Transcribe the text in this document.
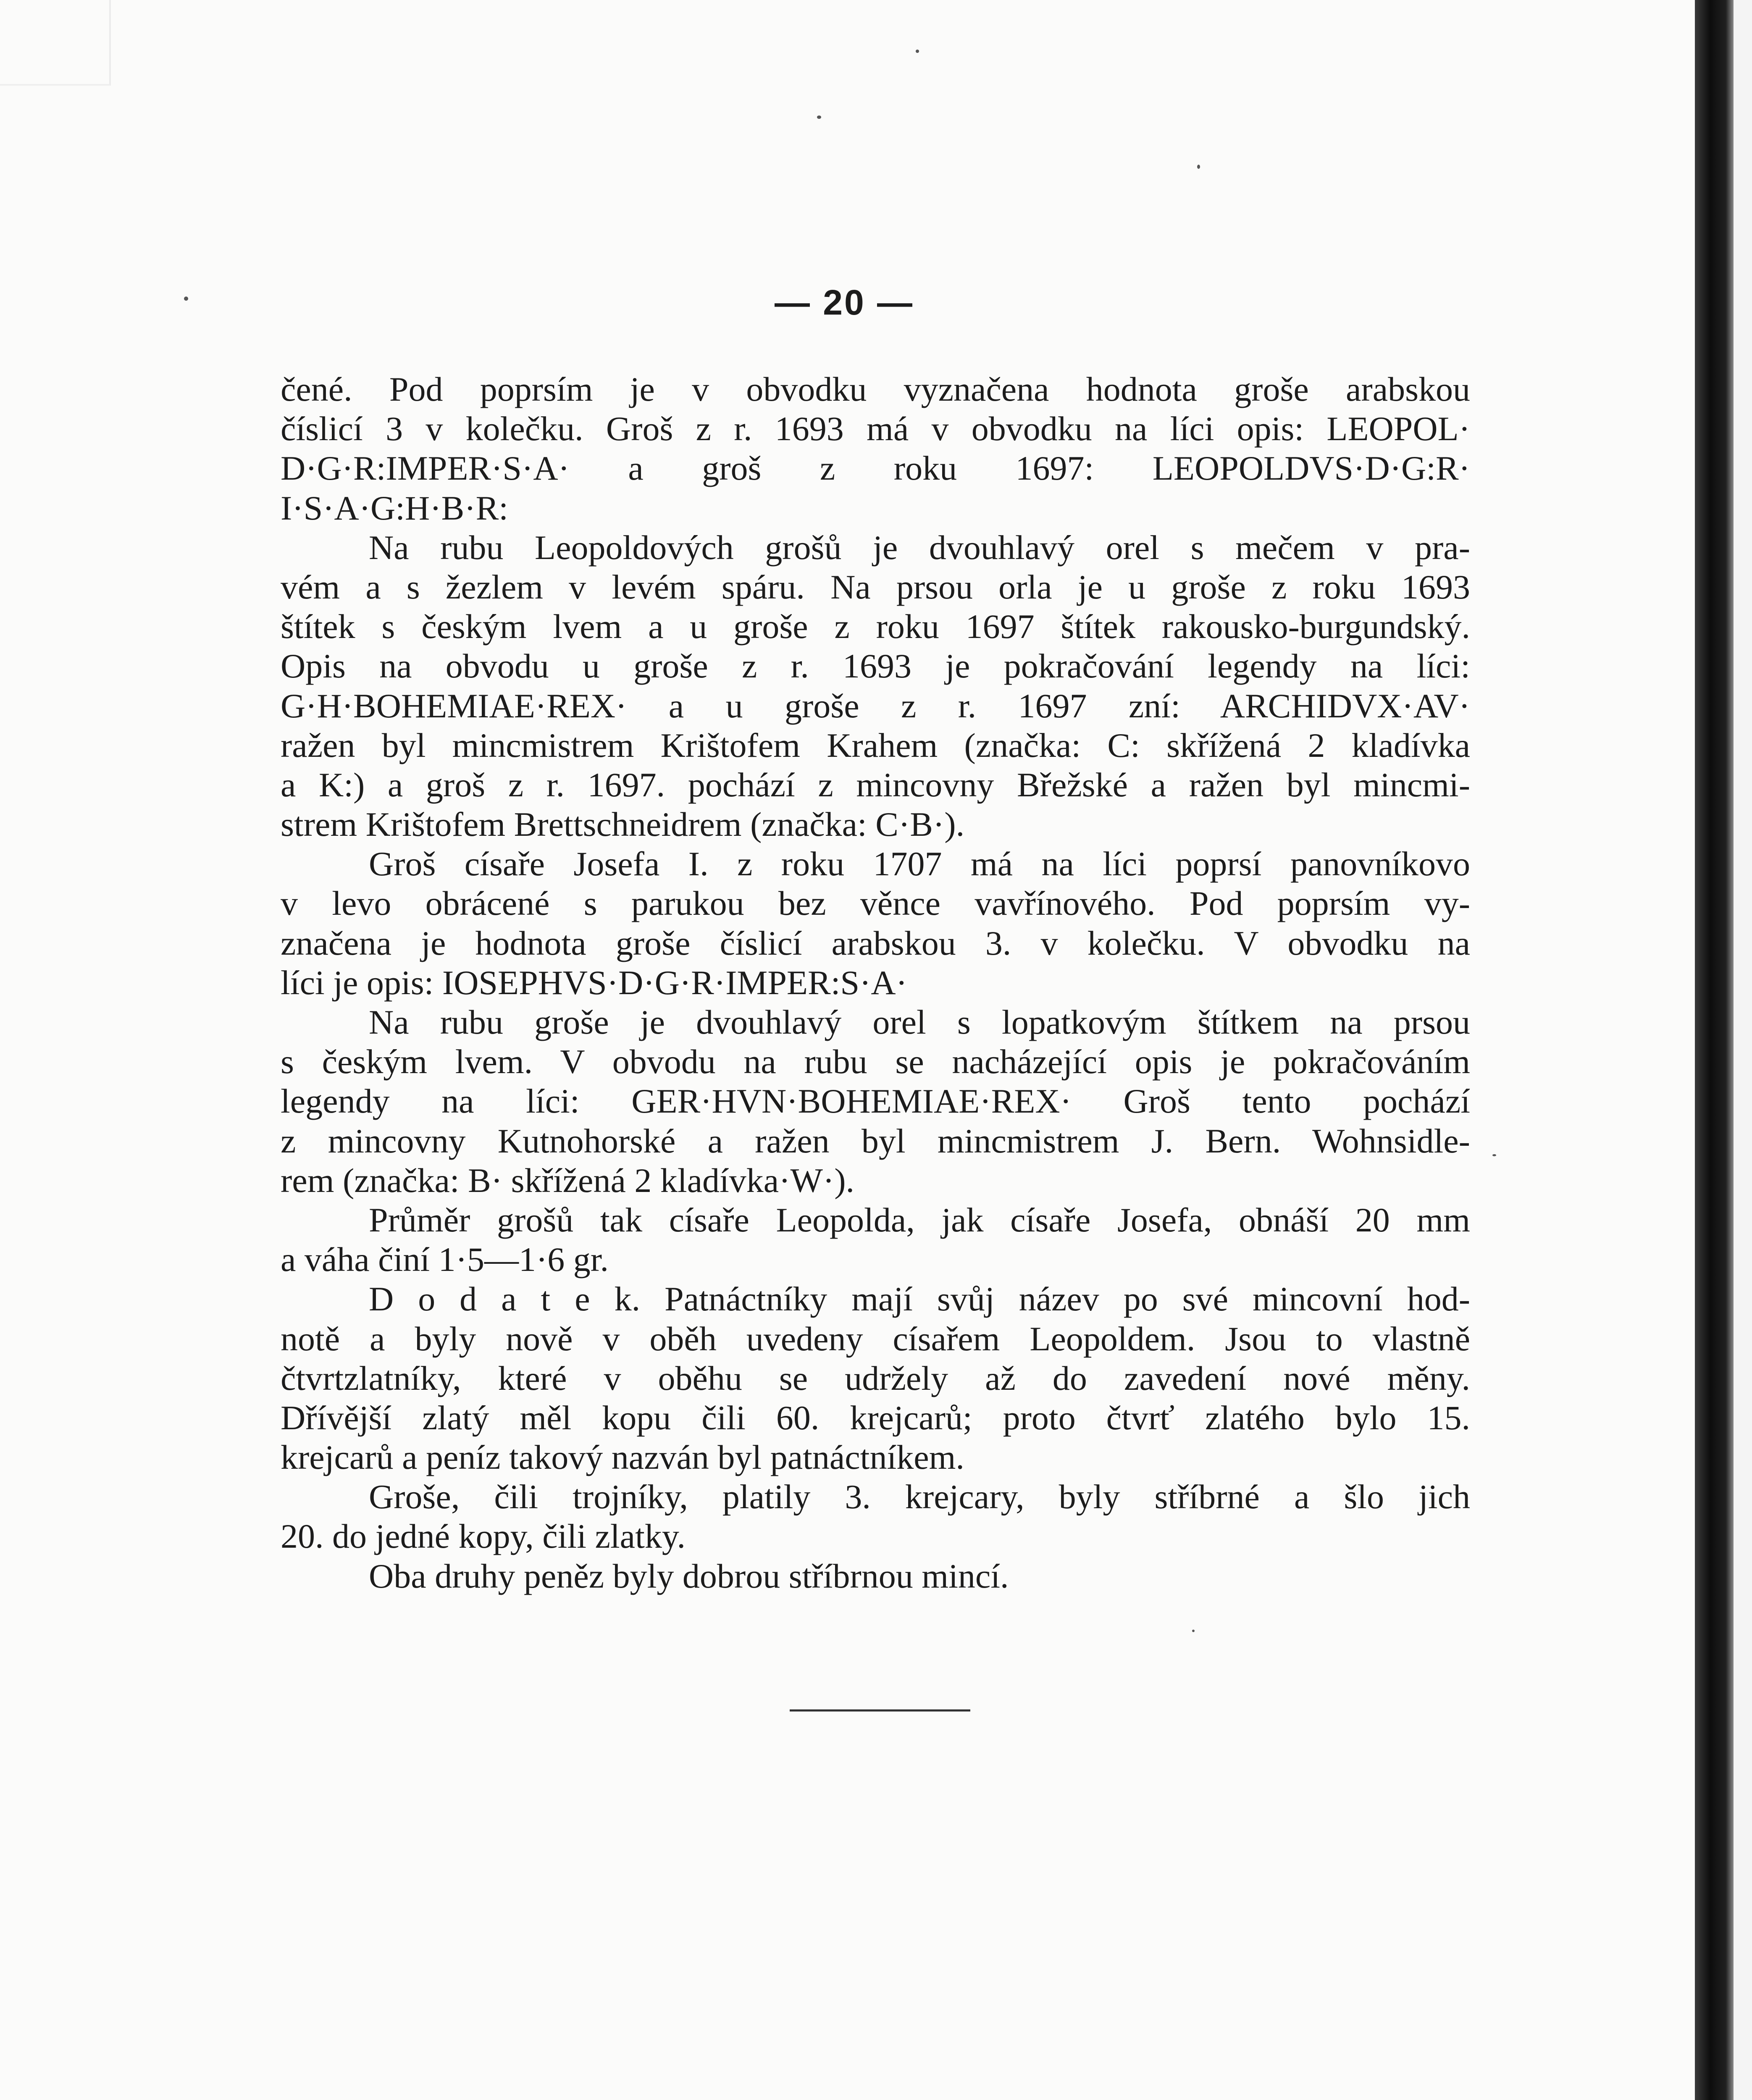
— 20 —
čené. Pod poprsím je v obvodku vyznačena hodnota groše arabskou
číslicí 3 v kolečku. Groš z r. 1693 má v obvodku na líci opis: LEOPOL·
D·G·R:IMPER·S·A· a groš z roku 1697: LEOPOLDVS·D·G:R·
I·S·A·G:H·B·R:
Na rubu Leopoldových grošů je dvouhlavý orel s mečem v pra-
vém a s žezlem v levém spáru. Na prsou orla je u groše z roku 1693
štítek s českým lvem a u groše z roku 1697 štítek rakousko-burgundský.
Opis na obvodu u groše z r. 1693 je pokračování legendy na líci:
G·H·BOHEMIAE·REX· a u groše z r. 1697 zní: ARCHIDVX·AV·
ražen byl mincmistrem Krištofem Krahem (značka: C: skřížená 2 kladívka
a K:) a groš z r. 1697. pochází z mincovny Břežské a ražen byl mincmi-
strem Krištofem Brettschneidrem (značka: C·B·).
Groš císaře Josefa I. z roku 1707 má na líci poprsí panovníkovo
v levo obrácené s parukou bez věnce vavřínového. Pod poprsím vy-
značena je hodnota groše číslicí arabskou 3. v kolečku. V obvodku na
líci je opis: IOSEPHVS·D·G·R·IMPER:S·A·
Na rubu groše je dvouhlavý orel s lopatkovým štítkem na prsou
s českým lvem. V obvodu na rubu se nacházející opis je pokračováním
legendy na líci: GER·HVN·BOHEMIAE·REX· Groš tento pochází
z mincovny Kutnohorské a ražen byl mincmistrem J. Bern. Wohnsidle-
rem (značka: B· skřížená 2 kladívka·W·).
Průměr grošů tak císaře Leopolda, jak císaře Josefa, obnáší 20 mm
a váha činí 1·5—1·6 gr.
D o d a t e k. Patnáctníky mají svůj název po své mincovní hod-
notě a byly nově v oběh uvedeny císařem Leopoldem. Jsou to vlastně
čtvrtzlatníky, které v oběhu se udržely až do zavedení nové měny.
Dřívější zlatý měl kopu čili 60. krejcarů; proto čtvrť zlatého bylo 15.
krejcarů a peníz takový nazván byl patnáctníkem.
Groše, čili trojníky, platily 3. krejcary, byly stříbrné a šlo jich
20. do jedné kopy, čili zlatky.
Oba druhy peněz byly dobrou stříbrnou mincí.
